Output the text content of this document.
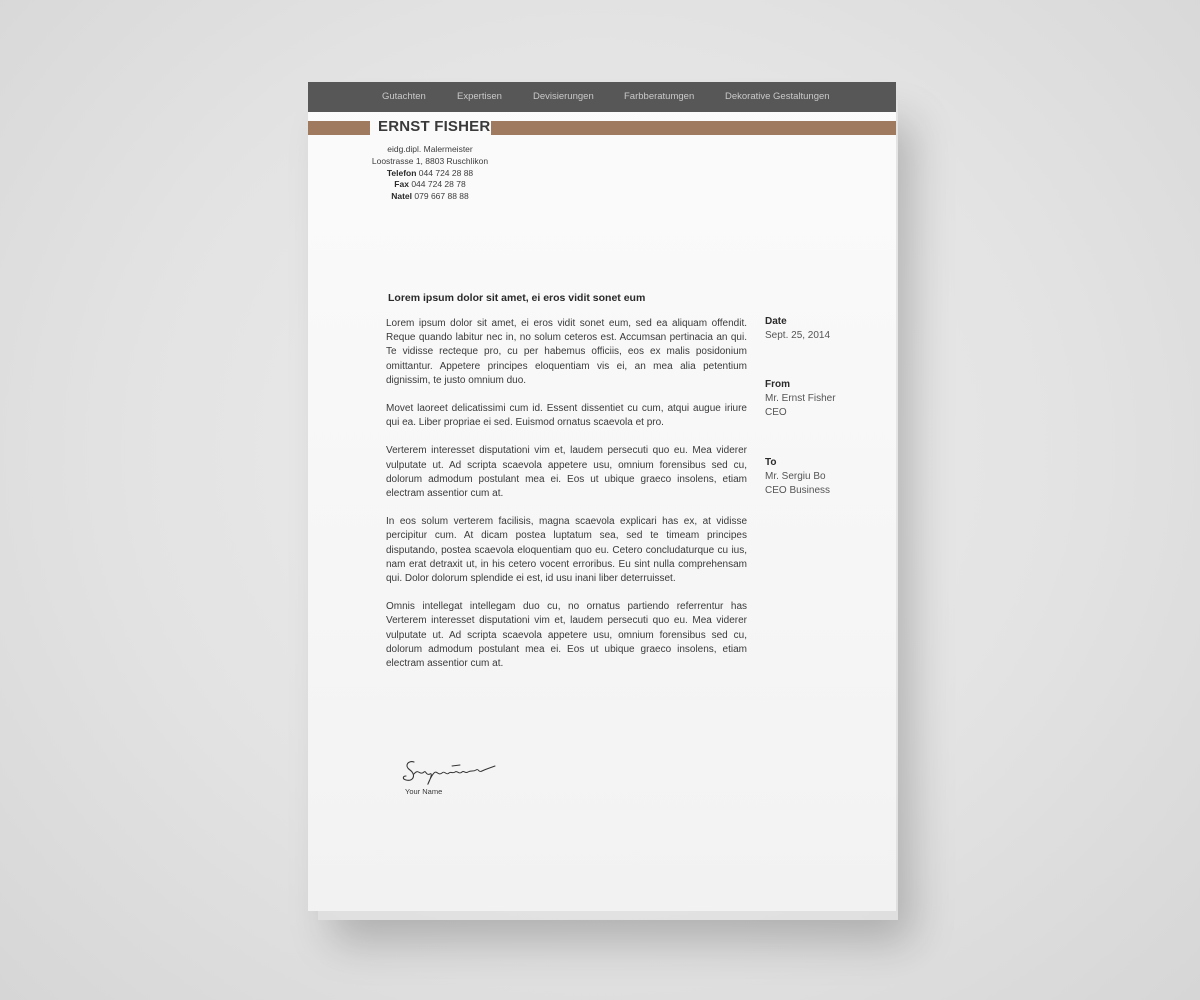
Gutachten	Expertisen	Devisierungen	Farbberatumgen	Dekorative Gestaltungen
ERNST FISHER
eidg.dipl. Malermeister
Loostrasse 1, 8803 Ruschlikon
Telefon 044 724 28 88
Fax 044 724 28 78
Natel 079 667 88 88
Lorem ipsum dolor sit amet, ei eros vidit sonet eum

Lorem ipsum dolor sit amet, ei eros vidit sonet eum, sed ea aliquam offendit. Reque quando labitur nec in, no solum ceteros est. Accumsan pertinacia an qui. Te vidisse recteque pro, cu per habemus officiis, eos ex malis posidonium omittantur. Appetere principes eloquentiam vis ei, an mea alia petentium dignissim, te justo omnium duo.

Movet laoreet delicatissimi cum id. Essent dissentiet cu cum, atqui augue iriure qui ea. Liber propriae ei sed. Euismod ornatus scaevola et pro.

Verterem interesset disputationi vim et, laudem persecuti quo eu. Mea viderer vulputate ut. Ad scripta scaevola appetere usu, omnium forensibus sed cu, dolorum admodum postulant mea ei. Eos ut ubique graeco insolens, etiam electram assentior cum at.

In eos solum verterem facilisis, magna scaevola explicari has ex, at vidisse percipitur cum. At dicam postea luptatum sea, sed te timeam principes disputando, postea scaevola eloquentiam quo eu. Cetero concludaturque cu ius, nam erat detraxit ut, in his cetero vocent erroribus. Eu sint nulla comprehensam qui. Dolor dolorum splendide ei est, id usu inani liber deterruisset.

Omnis intellegat intellegam duo cu, no ornatus partiendo referrentur has Verterem interesset disputationi vim et, laudem persecuti quo eu. Mea viderer vulputate ut. Ad scripta scaevola appetere usu, omnium forensibus sed cu, dolorum admodum postulant mea ei. Eos ut ubique graeco insolens, etiam electram assentior cum at.

Date
Sept. 25, 2014
From
Mr. Ernst Fisher
CEO
To
Mr. Sergiu Bo
CEO Business
Your Name
